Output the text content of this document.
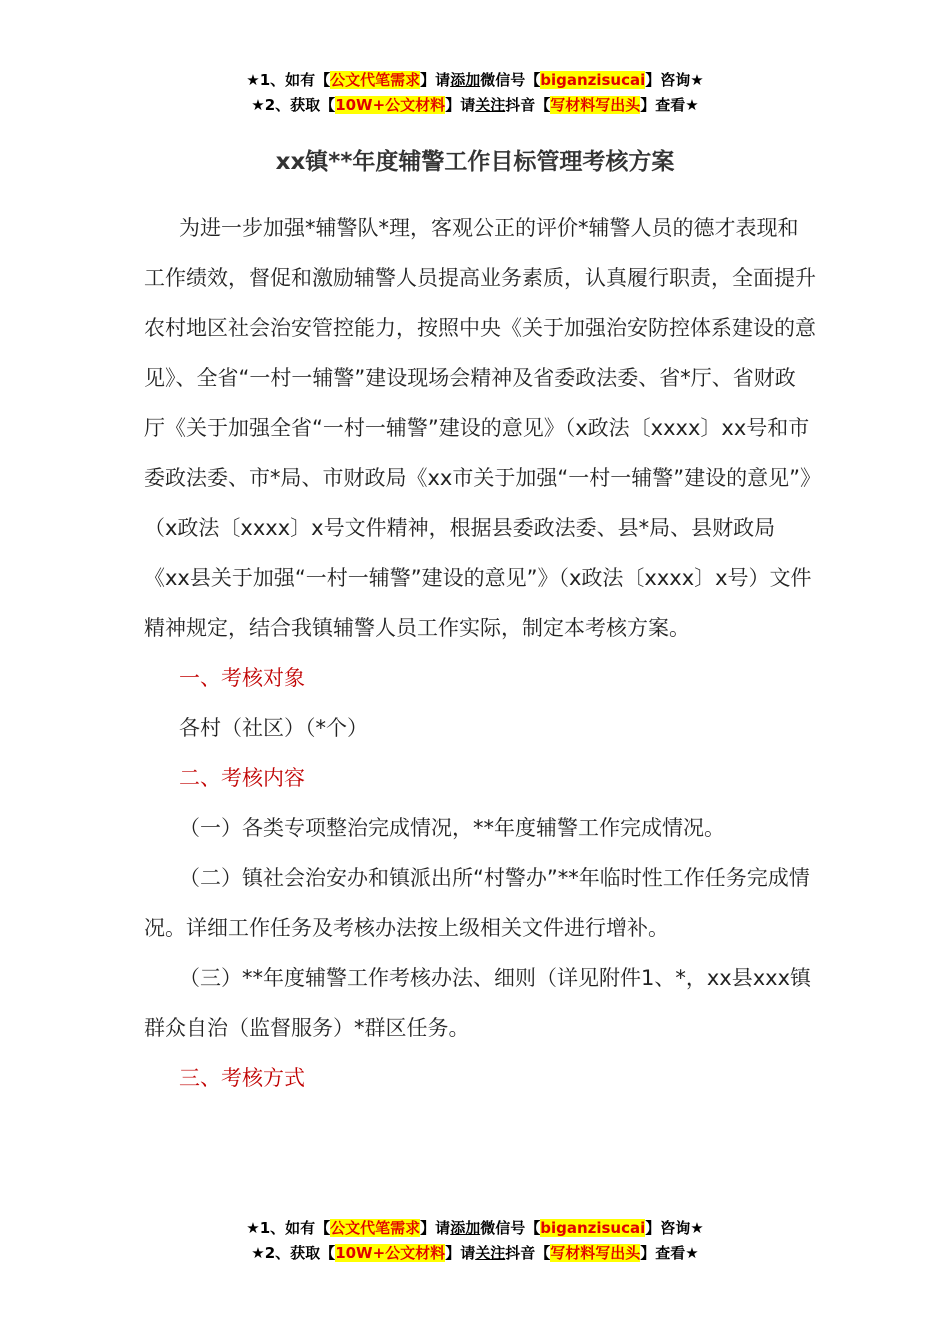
★1、如有【公文代笔需求】请添加微信号【biganzisucai】咨询★
★2、获取【10W+公文材料】请关注抖音【写材料写出头】查看★
xx镇**年度辅警工作目标管理考核方案

为进一步加强*辅警队*理，客观公正的评价*辅警人员的德才表现和工作绩效，督促和激励辅警人员提高业务素质，认真履行职责，全面提升农村地区社会治安管控能力，按照中央《关于加强治安防控体系建设的意见》、全省“一村一辅警”建设现场会精神及省委政法委、省*厅、省财政厅《关于加强全省“一村一辅警”建设的意见》（x政法〔xxxx〕xx号和市委政法委、市*局、市财政局《xx市关于加强“一村一辅警”建设的意见”》（x政法〔xxxx〕x号文件精神，根据县委政法委、县*局、县财政局《xx县关于加强“一村一辅警”建设的意见”》（x政法〔xxxx〕x号）文件精神规定，结合我镇辅警人员工作实际，制定本考核方案。

一、考核对象

各村（社区）（*个）

二、考核内容

（一）各类专项整治完成情况，**年度辅警工作完成情况。

（二）镇社会治安办和镇派出所“村警办”**年临时性工作任务完成情况。详细工作任务及考核办法按上级相关文件进行增补。

（三）**年度辅警工作考核办法、细则（详见附件1、*，xx县xxx镇群众自治（监督服务）*群区任务。

三、考核方式

★1、如有【公文代笔需求】请添加微信号【biganzisucai】咨询★
★2、获取【10W+公文材料】请关注抖音【写材料写出头】查看★
